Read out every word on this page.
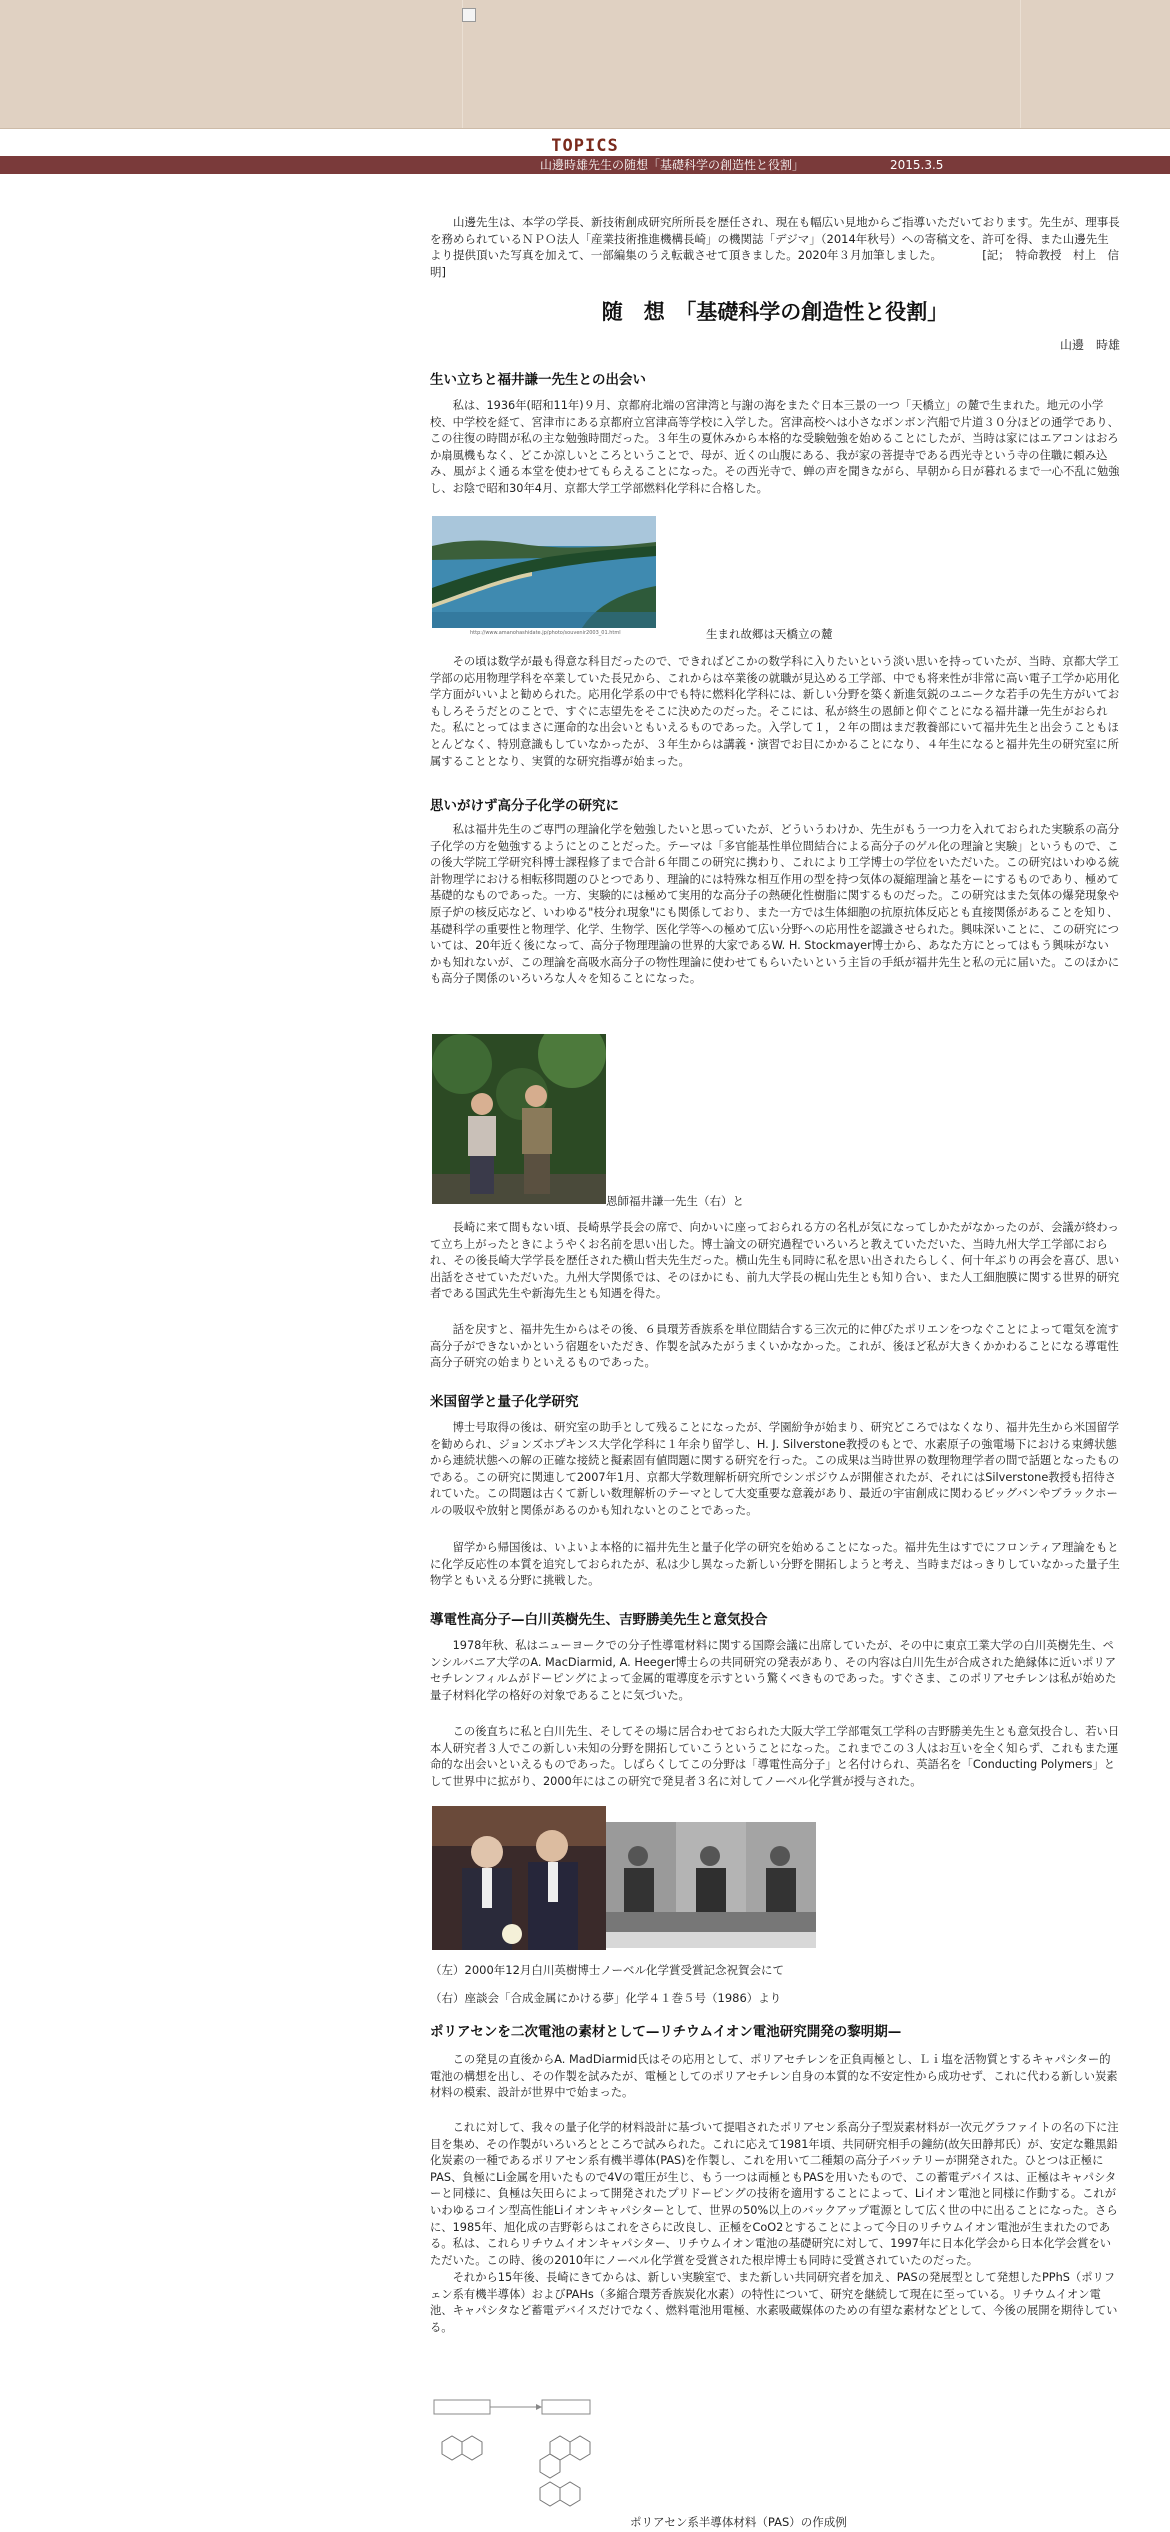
TOPICS
山邊時雄先生の随想「基礎科学の創造性と役割」	2015.3.5

山邊先生は、本学の学長、新技術創成研究所所長を歴任され、現在も幅広い見地からご指導いただいております。先生が、理事長を務められているＮＰＯ法人「産業技術推進機構長崎」の機関誌「デジマ」（2014年秋号）への寄稿文を、許可を得、また山邊先生より提供頂いた写真を加えて、一部編集のうえ転載させて頂きました。2020年３月加筆しました。　　　　[記；　特命教授　村上　信明]

随　想　「基礎科学の創造性と役割」
山邊　時雄
生い立ちと福井謙一先生との出会い

私は、1936年(昭和11年)９月、京都府北端の宮津湾と与謝の海をまたぐ日本三景の一つ「天橋立」の麓で生まれた。地元の小学校、中学校を経て、宮津市にある京都府立宮津高等学校に入学した。宮津高校へは小さなボンボン汽船で片道３０分ほどの通学であり、この往復の時間が私の主な勉強時間だった。３年生の夏休みから本格的な受験勉強を始めることにしたが、当時は家にはエアコンはおろか扇風機もなく、どこか涼しいところということで、母が、近くの山腹にある、我が家の菩提寺である西光寺という寺の住職に頼み込み、風がよく通る本堂を使わせてもらえることになった。その西光寺で、蝉の声を聞きながら、早朝から日が暮れるまで一心不乱に勉強し、お陰で昭和30年4月、京都大学工学部燃料化学科に合格した。

http://www.amanohashidate.jp/photo/souvenir2003_01.html	生まれ故郷は天橋立の麓

その頃は数学が最も得意な科目だったので、できればどこかの数学科に入りたいという淡い思いを持っていたが、当時、京都大学工学部の応用物理学科を卒業していた長兄から、これからは卒業後の就職が見込める工学部、中でも将来性が非常に高い電子工学か応用化学方面がいいよと勧められた。応用化学系の中でも特に燃料化学科には、新しい分野を築く新進気鋭のユニークな若手の先生方がいておもしろそうだとのことで、すぐに志望先をそこに決めたのだった。そこには、私が終生の恩師と仰ぐことになる福井謙一先生がおられた。私にとってはまさに運命的な出会いともいえるものであった。入学して１，２年の間はまだ教養部にいて福井先生と出会うこともほとんどなく、特別意識もしていなかったが、３年生からは講義・演習でお目にかかることになり、４年生になると福井先生の研究室に所属することとなり、実質的な研究指導が始まった。

思いがけず高分子化学の研究に

私は福井先生のご専門の理論化学を勉強したいと思っていたが、どういうわけか、先生がもう一つ力を入れておられた実験系の高分子化学の方を勉強するようにとのことだった。テーマは「多官能基性単位間結合による高分子のゲル化の理論と実験」というもので、この後大学院工学研究科博士課程修了まで合計６年間この研究に携わり、これにより工学博士の学位をいただいた。この研究はいわゆる統計物理学における相転移問題のひとつであり、理論的には特殊な相互作用の型を持つ気体の凝縮理論と基をーにするものであり、極めて基礎的なものであった。一方、実験的には極めて実用的な高分子の熱硬化性樹脂に関するものだった。この研究はまた気体の爆発現象や原子炉の核反応など、いわゆる"枝分れ現象"にも関係しており、また一方では生体細胞の抗原抗体反応とも直接関係があることを知り、基礎科学の重要性と物理学、化学、生物学、医化学等への極めて広い分野への応用性を認識させられた。興味深いことに、この研究については、20年近く後になって、高分子物理理論の世界的大家であるW. H. Stockmayer博士から、あなた方にとってはもう興味がないかも知れないが、この理論を高吸水高分子の物性理論に使わせてもらいたいという主旨の手紙が福井先生と私の元に届いた。このほかにも高分子関係のいろいろな人々を知ることになった。

恩師福井謙一先生（右）と

長崎に来て間もない頃、長崎県学長会の席で、向かいに座っておられる方の名札が気になってしかたがなかったのが、会議が終わって立ち上がったときにようやくお名前を思い出した。博士論文の研究過程でいろいろと教えていただいた、当時九州大学工学部におられ、その後長崎大学学長を歴任された横山哲夫先生だった。横山先生も同時に私を思い出されたらしく、何十年ぶりの再会を喜び、思い出話をさせていただいた。九州大学関係では、そのほかにも、前九大学長の梶山先生とも知り合い、また人工細胞膜に関する世界的研究者である国武先生や新海先生とも知遇を得た。

話を戻すと、福井先生からはその後、６員環芳香族系を単位間結合する三次元的に伸びたポリエンをつなぐことによって電気を流す高分子ができないかという宿題をいただき、作製を試みたがうまくいかなかった。これが、後ほど私が大きくかかわることになる導電性高分子研究の始まりといえるものであった。

米国留学と量子化学研究

博士号取得の後は、研究室の助手として残ることになったが、学園紛争が始まり、研究どころではなくなり、福井先生から米国留学を勧められ、ジョンズホプキンス大学化学科に１年余り留学し、H. J. Silverstone教授のもとで、水素原子の強電場下における束縛状態から連続状態への解の正確な接続と擬素固有値問題に関する研究を行った。この成果は当時世界の数理物理学者の間で話題となったものである。この研究に関連して2007年1月、京都大学数理解析研究所でシンポジウムが開催されたが、それにはSilverstone教授も招待されていた。この問題は古くて新しい数理解析のテーマとして大変重要な意義があり、最近の宇宙創成に関わるビッグバンやブラックホールの吸収や放射と関係があるのかも知れないとのことであった。

留学から帰国後は、いよいよ本格的に福井先生と量子化学の研究を始めることになった。福井先生はすでにフロンティア理論をもとに化学反応性の本質を追究しておられたが、私は少し異なった新しい分野を開拓しようと考え、当時まだはっきりしていなかった量子生物学ともいえる分野に挑戦した。

導電性高分子—白川英樹先生、吉野勝美先生と意気投合

1978年秋、私はニューヨークでの分子性導電材料に関する国際会議に出席していたが、その中に東京工業大学の白川英樹先生、ペンシルバニア大学のA. MacDiarmid, A. Heeger博士らの共同研究の発表があり、その内容は白川先生が合成された絶縁体に近いポリアセチレンフィルムがドーピングによって金属的電導度を示すという驚くべきものであった。すぐさま、このポリアセチレンは私が始めた量子材料化学の格好の対象であることに気づいた。

この後直ちに私と白川先生、そしてその場に居合わせておられた大阪大学工学部電気工学科の吉野勝美先生とも意気投合し、若い日本人研究者３人でこの新しい未知の分野を開拓していこうということになった。これまでこの３人はお互いを全く知らず、これもまた運命的な出会いといえるものであった。しばらくしてこの分野は「導電性高分子」と名付けられ、英語名を「Conducting Polymers」として世界中に拡がり、2000年にはこの研究で発見者３名に対してノーベル化学賞が授与された。

（左）2000年12月白川英樹博士ノーベル化学賞受賞記念祝賀会にて
（右）座談会「合成金属にかける夢」化学４１巻５号（1986）より
ポリアセンを二次電池の素材として—リチウムイオン電池研究開発の黎明期—

この発見の直後からA. MadDiarmid氏はその応用として、ポリアセチレンを正負両極とし、Ｌｉ塩を活物質とするキャパシター的電池の構想を出し、その作製を試みたが、電極としてのポリアセチレン自身の本質的な不安定性から成功せず、これに代わる新しい炭素材料の模索、設計が世界中で始まった。

これに対して、我々の量子化学的材料設計に基づいて提唱されたポリアセン系高分子型炭素材料が一次元グラファイトの名の下に注目を集め、その作製がいろいろとところで試みられた。これに応えて1981年頃、共同研究相手の鐘紡(故矢田静邦氏）が、安定な難黒鉛化炭素の一種であるポリアセン系有機半導体(PAS)を作製し、これを用いて二種類の高分子バッテリーが開発された。ひとつは正極にPAS、負極にLi金属を用いたもので4Vの電圧が生じ、もう一つは両極ともPASを用いたもので、この蓄電デバイスは、正極はキャパシターと同様に、負極は矢田らによって開発されたプリドーピングの技術を適用することによって、Liイオン電池と同様に作動する。これがいわゆるコイン型高性能Liイオンキャパシターとして、世界の50%以上のバックアップ電源として広く世の中に出ることになった。さらに、1985年、旭化成の吉野彰らはこれをさらに改良し、正極をCoO2とすることによって今日のリチウムイオン電池が生まれたのである。私は、これらリチウムイオンキャパシター、リチウムイオン電池の基礎研究に対して、1997年に日本化学会から日本化学会賞をいただいた。この時、後の2010年にノーベル化学賞を受賞された根岸博士も同時に受賞されていたのだった。

それから15年後、長崎にきてからは、新しい実験室で、また新しい共同研究者を加え、PASの発展型として発想したPPhS（ポリフェン系有機半導体）およびPAHs（多縮合環芳香族炭化水素）の特性について、研究を継続して現在に至っている。リチウムイオン電池、キャパシタなど蓄電デバイスだけでなく、燃料電池用電極、水素吸蔵媒体のための有望な素材などとして、今後の展開を期待している。

ポリアセン系半導体材料（PAS）の作成例
